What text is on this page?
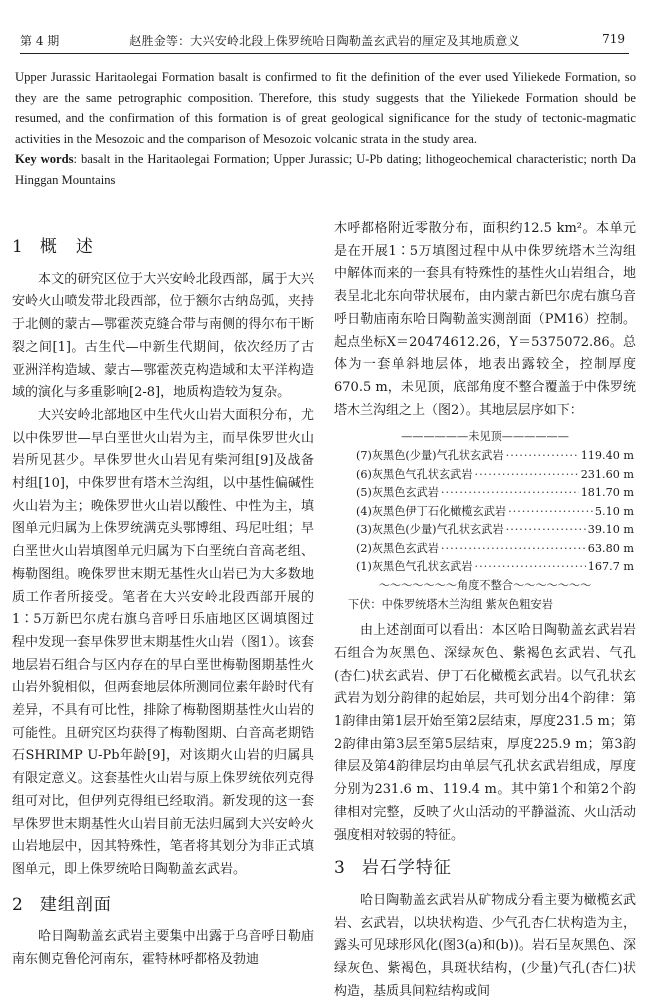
第 4 期	赵胜金等：大兴安岭北段上侏罗统哈日陶勒盖玄武岩的厘定及其地质意义	719

Upper Jurassic Haritaolegai Formation basalt is confirmed to fit the definition of the ever used Yiliekede Formation, so they are the same petrographic composition. Therefore, this study suggests that the Yiliekede Formation should be resumed, and the confirmation of this formation is of great geological significance for the study of tectonic-magmatic activities in the Mesozoic and the comparison of Mesozoic volcanic strata in the study area.

Key words: basalt in the Haritaolegai Formation; Upper Jurassic; U-Pb dating; lithogeochemical characteristic; north Da Hinggan Mountains

1 概　述

本文的研究区位于大兴安岭北段西部，属于大兴安岭火山喷发带北段西部，位于额尔古纳岛弧，夹持于北侧的蒙古—鄂霍茨克缝合带与南侧的得尔布干断裂之间[1]。古生代—中新生代期间，依次经历了古亚洲洋构造域、蒙古—鄂霍茨克构造域和太平洋构造域的演化与多重影响[2-8]，地质构造较为复杂。

大兴安岭北部地区中生代火山岩大面积分布，尤以中侏罗世—早白垩世火山岩为主，而早侏罗世火山岩所见甚少。早侏罗世火山岩见有柴河组[9]及战备村组[10]，中侏罗世有塔木兰沟组，以中基性偏碱性火山岩为主；晚侏罗世火山岩以酸性、中性为主，填图单元归属为上侏罗统满克头鄂博组、玛尼吐组；早白垩世火山岩填图单元归属为下白垩统白音高老组、梅勒图组。晚侏罗世末期无基性火山岩已为大多数地质工作者所接受。笔者在大兴安岭北段西部开展的1∶5万新巴尔虎右旗乌音呼日乐庙地区区调填图过程中发现一套早侏罗世末期基性火山岩（图1）。该套地层岩石组合与区内存在的早白垩世梅勒图期基性火山岩外貌相似，但两套地层体所测同位素年龄时代有差异，不具有可比性，排除了梅勒图期基性火山岩的可能性。且研究区均获得了梅勒图期、白音高老期锆石SHRIMP U-Pb年龄[9]，对该期火山岩的归属具有限定意义。这套基性火山岩与原上侏罗统依列克得组可对比，但伊列克得组已经取消。新发现的这一套早侏罗世末期基性火山岩目前无法归属到大兴安岭火山岩地层中，因其特殊性，笔者将其划分为非正式填图单元，即上侏罗统哈日陶勒盖玄武岩。

2 建组剖面

哈日陶勒盖玄武岩主要集中出露于乌音呼日勒庙南东侧克鲁伦河南东，霍特林呼都格及勃迪

木呼都格附近零散分布，面积约12.5 km²。本单元是在开展1∶5万填图过程中从中侏罗统塔木兰沟组中解体而来的一套具有特殊性的基性火山岩组合，地表呈北北东向带状展布，由内蒙古新巴尔虎右旗乌音呼日勒庙南东哈日陶勒盖实测剖面（PM16）控制。起点坐标X＝20474612.26，Y＝5375072.86。总体为一套单斜地层体，地表出露较全，控制厚度670.5 m，未见顶，底部角度不整合覆盖于中侏罗统塔木兰沟组之上（图2）。其地层层序如下：

——————未见顶——————
(7)灰黑色(少量)气孔状玄武岩 ·····	119.40 m
(6)灰黑色气孔状玄武岩 ·····	231.60 m
(5)灰黑色玄武岩 ·····	181.70 m
(4)灰黑色伊丁石化橄榄玄武岩 ·····	5.10 m
(3)灰黑色(少量)气孔状玄武岩 ·····	39.10 m
(2)灰黑色玄武岩 ·····	63.80 m
(1)灰黑色气孔状玄武岩 ·····	167.7 m
～～～～～～～角度不整合～～～～～～～
下伏：中侏罗统塔木兰沟组 紫灰色粗安岩

由上述剖面可以看出：本区哈日陶勒盖玄武岩岩石组合为灰黑色、深绿灰色、紫褐色玄武岩、气孔(杏仁)状玄武岩、伊丁石化橄榄玄武岩。以气孔状玄武岩为划分韵律的起始层，共可划分出4个韵律：第1韵律由第1层开始至第2层结束，厚度231.5 m；第2韵律由第3层至第5层结束，厚度225.9 m；第3韵律层及第4韵律层均由单层气孔状玄武岩组成，厚度分别为231.6 m、119.4 m。其中第1个和第2个韵律相对完整，反映了火山活动的平静溢流、火山活动强度相对较弱的特征。

3 岩石学特征

哈日陶勒盖玄武岩从矿物成分看主要为橄榄玄武岩、玄武岩，以块状构造、少气孔杏仁状构造为主，露头可见球形风化(图3(a)和(b))。岩石呈灰黑色、深绿灰色、紫褐色，具斑状结构，(少量)气孔(杏仁)状构造，基质具间粒结构或间
